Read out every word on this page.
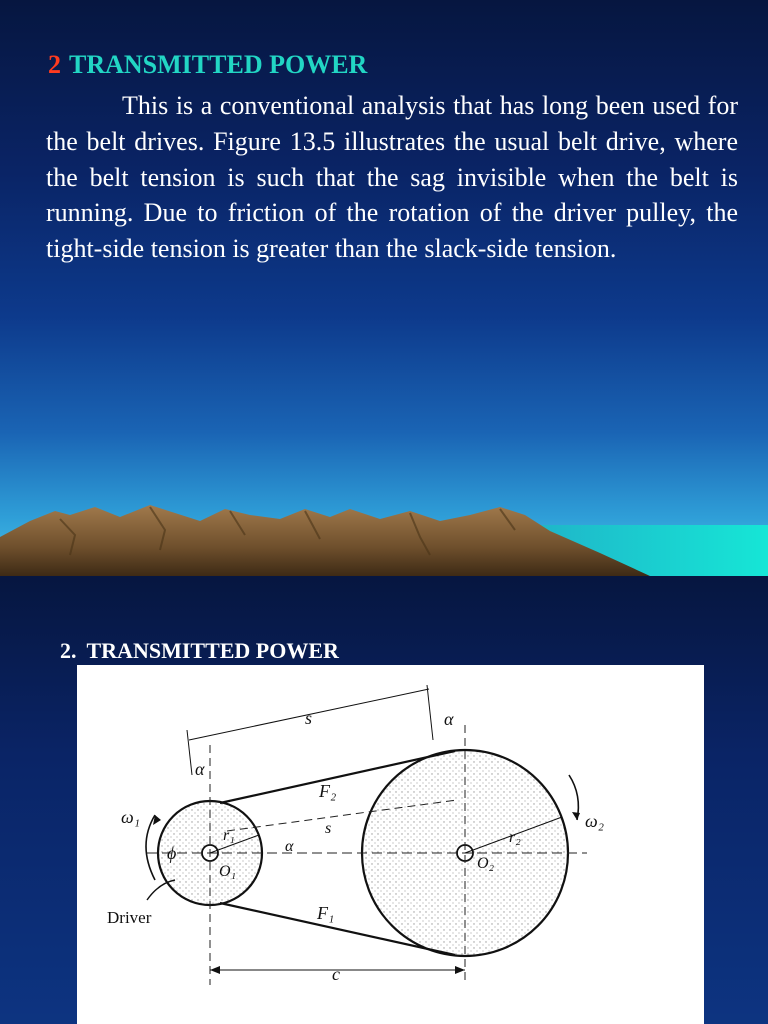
2 TRANSMITTED POWER
This is a conventional analysis that has long been used for the belt drives. Figure 13.5 illustrates the usual belt drive, where the belt tension is such that the sag invisible when the belt is running. Due to friction of the rotation of the driver pulley, the tight-side tension is greater than the slack-side tension.
2. TRANSMITTED POWER
s	α
α
ω₁	ω₂
F₂
F₁
s
α
r₁	r₂
ϕ
O₁	O₂
Driver
c
